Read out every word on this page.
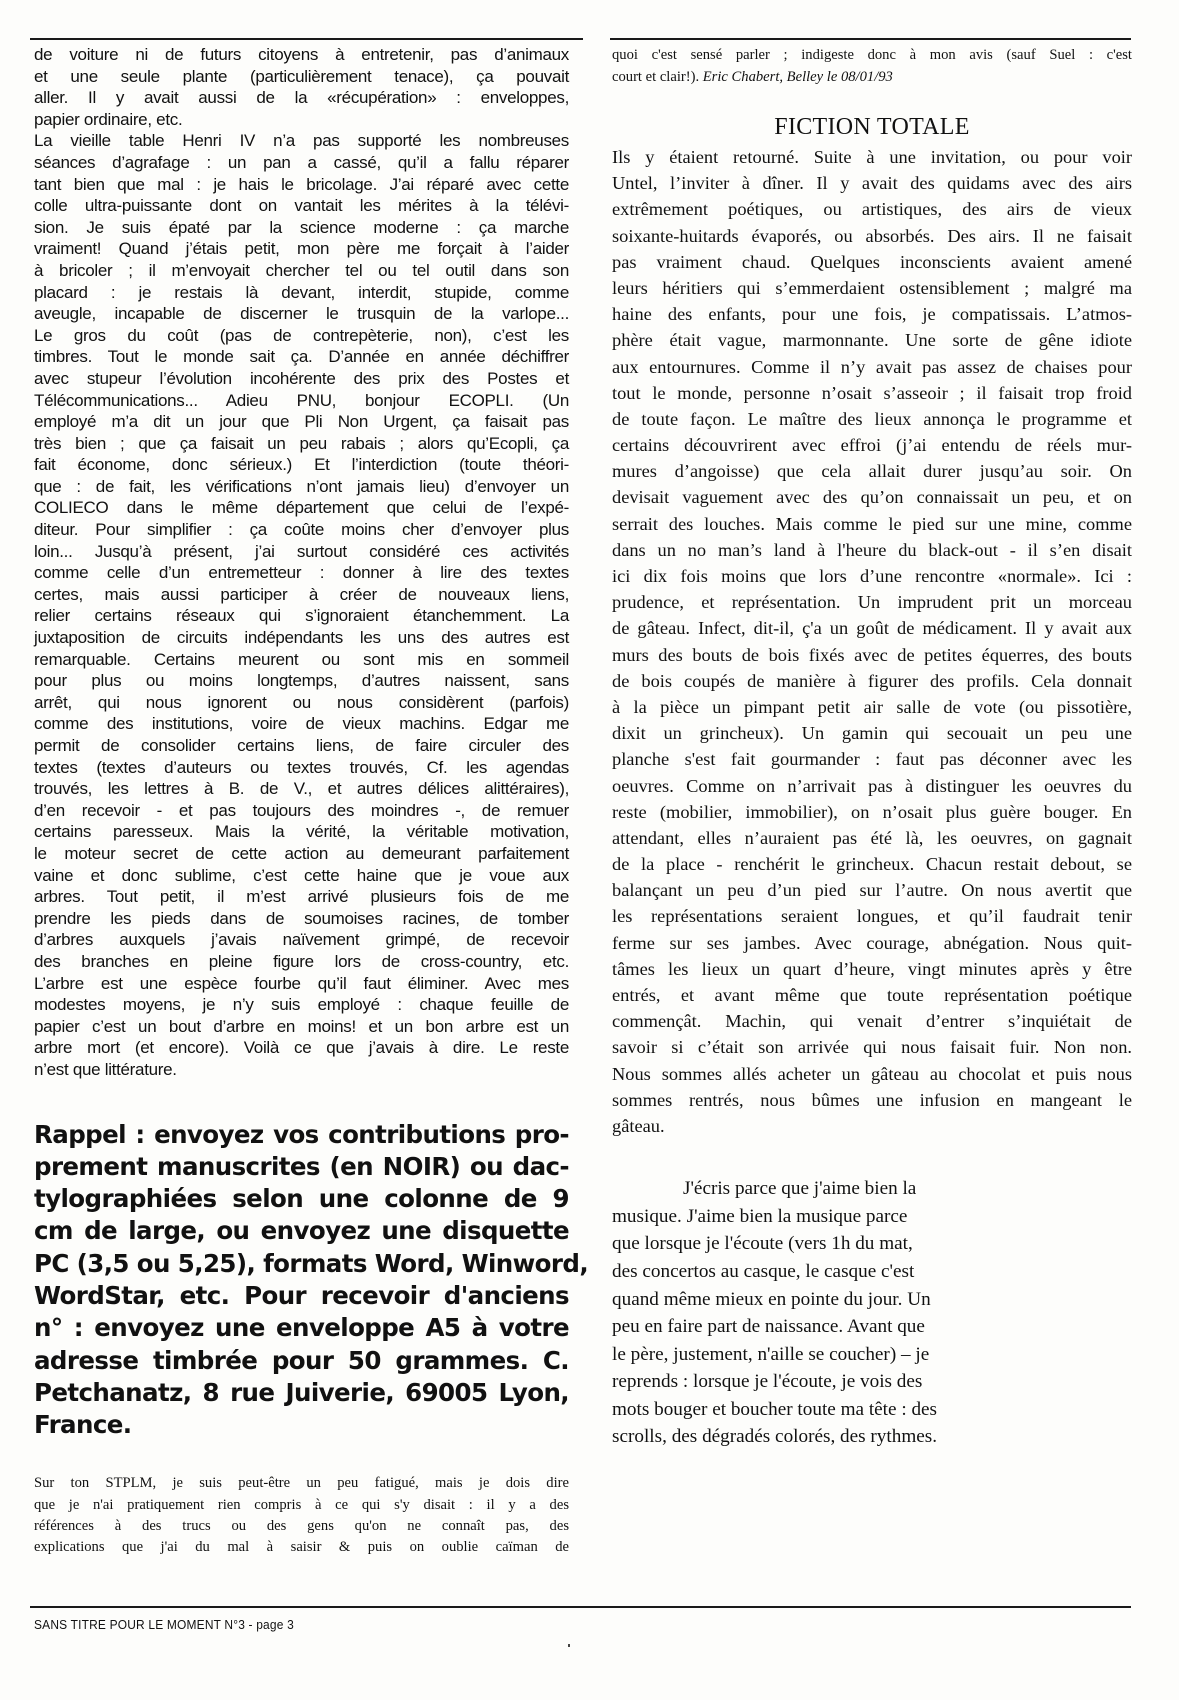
de voiture ni de futurs citoyens à entretenir, pas d’animaux
et une seule plante (particulièrement tenace), ça pouvait
aller. Il y avait aussi de la «récupération» : enveloppes,
papier ordinaire, etc.
La vieille table Henri IV n’a pas supporté les nombreuses
séances d’agrafage : un pan a cassé, qu’il a fallu réparer
tant bien que mal : je hais le bricolage. J’ai réparé avec cette
colle ultra-puissante dont on vantait les mérites à la télévi-
sion. Je suis épaté par la science moderne : ça marche
vraiment! Quand j’étais petit, mon père me forçait à l’aider
à bricoler ; il m’envoyait chercher tel ou tel outil dans son
placard : je restais là devant, interdit, stupide, comme
aveugle, incapable de discerner le trusquin de la varlope...
Le gros du coût (pas de contrepèterie, non), c’est les
timbres. Tout le monde sait ça. D’année en année déchiffrer
avec stupeur l’évolution incohérente des prix des Postes et
Télécommunications... Adieu PNU, bonjour ECOPLI. (Un
employé m’a dit un jour que Pli Non Urgent, ça faisait pas
très bien ; que ça faisait un peu rabais ; alors qu’Ecopli, ça
fait économe, donc sérieux.) Et l’interdiction (toute théori-
que : de fait, les vérifications n’ont jamais lieu) d’envoyer un
COLIECO dans le même département que celui de l’expé-
diteur. Pour simplifier : ça coûte moins cher d’envoyer plus
loin... Jusqu’à présent, j’ai surtout considéré ces activités
comme celle d’un entremetteur : donner à lire des textes
certes, mais aussi participer à créer de nouveaux liens,
relier certains réseaux qui s’ignoraient étanchemment. La
juxtaposition de circuits indépendants les uns des autres est
remarquable. Certains meurent ou sont mis en sommeil
pour plus ou moins longtemps, d’autres naissent, sans
arrêt, qui nous ignorent ou nous considèrent (parfois)
comme des institutions, voire de vieux machins. Edgar me
permit de consolider certains liens, de faire circuler des
textes (textes d’auteurs ou textes trouvés, Cf. les agendas
trouvés, les lettres à B. de V., et autres délices alittéraires),
d’en recevoir - et pas toujours des moindres -, de remuer
certains paresseux. Mais la vérité, la véritable motivation,
le moteur secret de cette action au demeurant parfaitement
vaine et donc sublime, c’est cette haine que je voue aux
arbres. Tout petit, il m’est arrivé plusieurs fois de me
prendre les pieds dans de soumoises racines, de tomber
d’arbres auxquels j’avais naïvement grimpé, de recevoir
des branches en pleine figure lors de cross-country, etc.
L’arbre est une espèce fourbe qu’il faut éliminer. Avec mes
modestes moyens, je n’y suis employé : chaque feuille de
papier c’est un bout d’arbre en moins! et un bon arbre est un
arbre mort (et encore). Voilà ce que j’avais à dire. Le reste
n’est que littérature.
Rappel : envoyez vos contributions pro-
prement manuscrites (en NOIR) ou dac-
tylographiées selon une colonne de 9
cm de large, ou envoyez une disquette
PC (3,5 ou 5,25), formats Word, Winword,
WordStar, etc. Pour recevoir d'anciens
n° : envoyez une enveloppe A5 à votre
adresse timbrée pour 50 grammes. C.
Petchanatz, 8 rue Juiverie, 69005 Lyon,
France.
Sur ton STPLM, je suis peut-être un peu fatigué, mais je dois dire
que je n'ai pratiquement rien compris à ce qui s'y disait : il y a des
références à des trucs ou des gens qu'on ne connaît pas, des
explications que j'ai du mal à saisir & puis on oublie caïman de
quoi c'est sensé parler ; indigeste donc à mon avis (sauf Suel : c'est
court et clair!). Eric Chabert, Belley le 08/01/93
FICTION TOTALE
Ils y étaient retourné. Suite à une invitation, ou pour voir
Untel, l’inviter à dîner. Il y avait des quidams avec des airs
extrêmement poétiques, ou artistiques, des airs de vieux
soixante-huitards évaporés, ou absorbés. Des airs. Il ne faisait
pas vraiment chaud. Quelques inconscients avaient amené
leurs héritiers qui s’emmerdaient ostensiblement ; malgré ma
haine des enfants, pour une fois, je compatissais. L’atmos-
phère était vague, marmonnante. Une sorte de gêne idiote
aux entournures. Comme il n’y avait pas assez de chaises pour
tout le monde, personne n’osait s’asseoir ; il faisait trop froid
de toute façon. Le maître des lieux annonça le programme et
certains découvrirent avec effroi (j’ai entendu de réels mur-
mures d’angoisse) que cela allait durer jusqu’au soir. On
devisait vaguement avec des qu’on connaissait un peu, et on
serrait des louches. Mais comme le pied sur une mine, comme
dans un no man’s land à l'heure du black-out - il s’en disait
ici dix fois moins que lors d’une rencontre «normale». Ici :
prudence, et représentation. Un imprudent prit un morceau
de gâteau. Infect, dit-il, ç'a un goût de médicament. Il y avait aux
murs des bouts de bois fixés avec de petites équerres, des bouts
de bois coupés de manière à figurer des profils. Cela donnait
à la pièce un pimpant petit air salle de vote (ou pissotière,
dixit un grincheux). Un gamin qui secouait un peu une
planche s'est fait gourmander : faut pas déconner avec les
oeuvres. Comme on n’arrivait pas à distinguer les oeuvres du
reste (mobilier, immobilier), on n’osait plus guère bouger. En
attendant, elles n’auraient pas été là, les oeuvres, on gagnait
de la place - renchérit le grincheux. Chacun restait debout, se
balançant un peu d’un pied sur l’autre. On nous avertit que
les représentations seraient longues, et qu’il faudrait tenir
ferme sur ses jambes. Avec courage, abnégation. Nous quit-
tâmes les lieux un quart d’heure, vingt minutes après y être
entrés, et avant même que toute représentation poétique
commençât. Machin, qui venait d’entrer s’inquiétait de
savoir si c’était son arrivée qui nous faisait fuir. Non non.
Nous sommes allés acheter un gâteau au chocolat et puis nous
sommes rentrés, nous bûmes une infusion en mangeant le
gâteau.
J'écris parce que j'aime bien la
musique. J'aime bien la musique parce
que lorsque je l'écoute (vers 1h du mat,
des concertos au casque, le casque c'est
quand même mieux en pointe du jour. Un
peu en faire part de naissance. Avant que
le père, justement, n'aille se coucher) – je
reprends : lorsque je l'écoute, je vois des
mots bouger et boucher toute ma tête : des
scrolls, des dégradés colorés, des rythmes.
SANS TITRE POUR LE MOMENT N°3 - page 3
